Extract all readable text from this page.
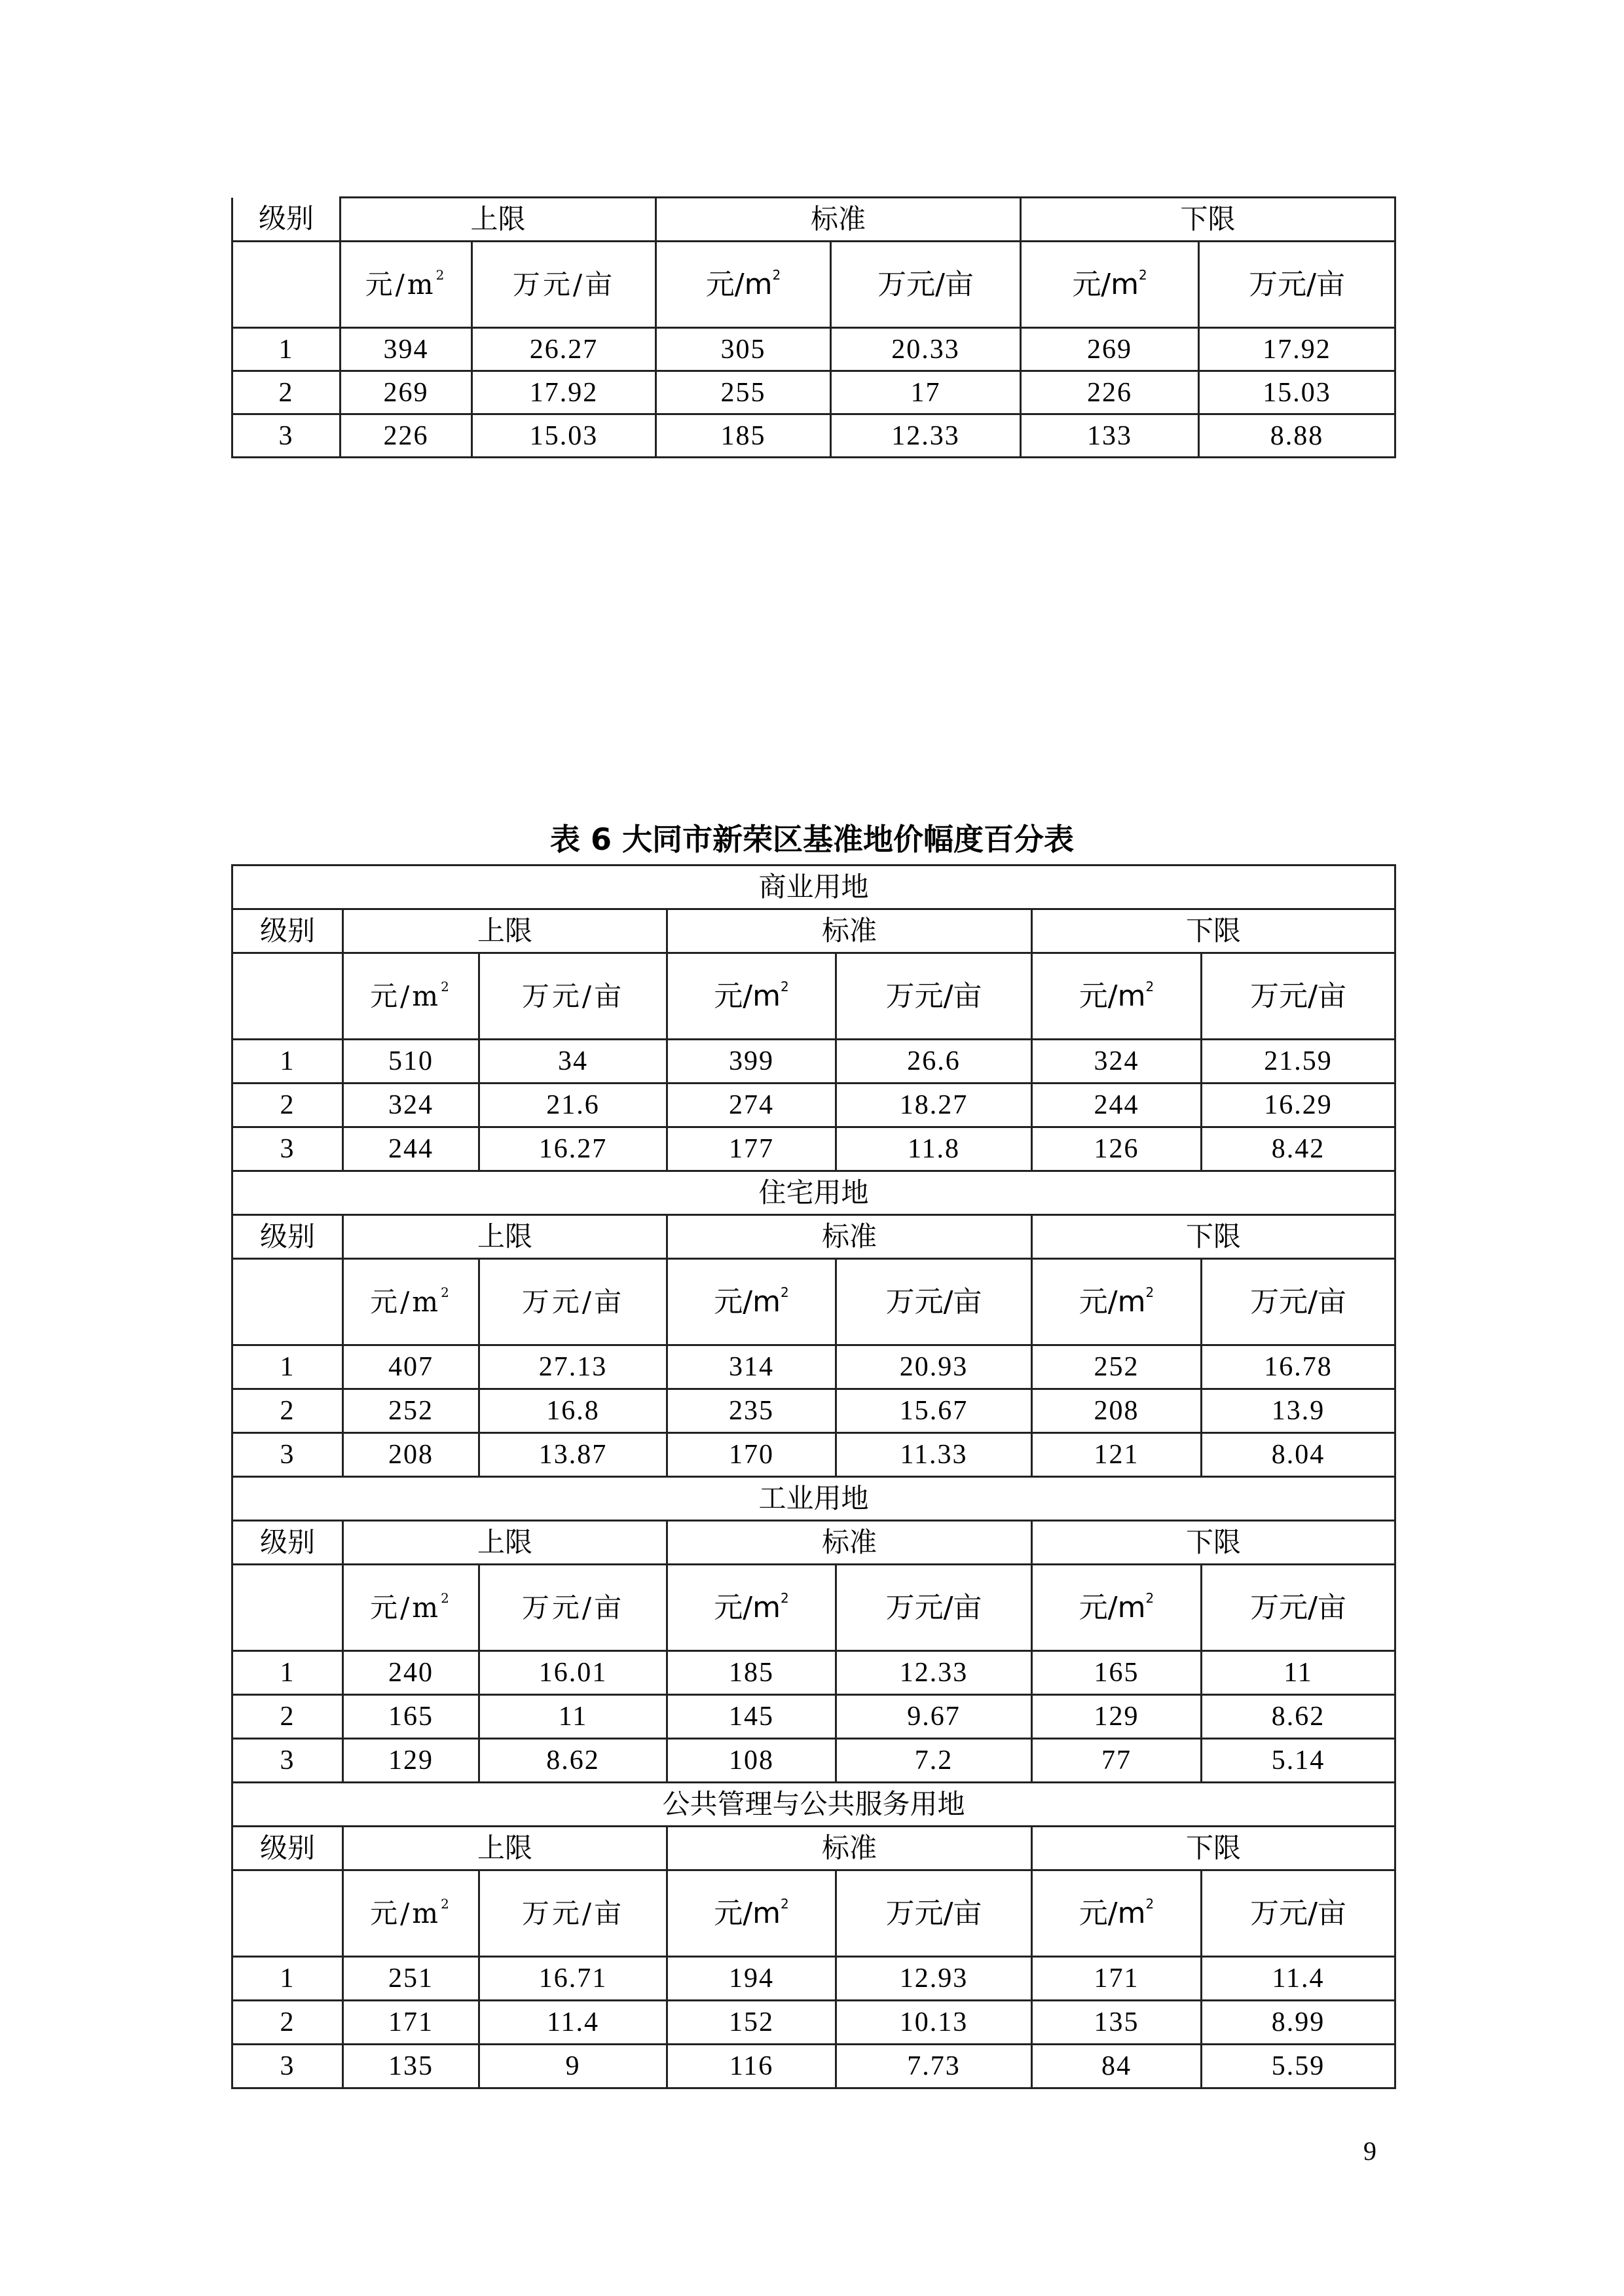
级别	上限		标准		下限	
	元$/m^2$	万元/亩	元$/m^2$	万元/亩	元$/m^2$	万元/亩
1	394	26.27	305	20.33	269	17.92
2	269	17.92	255	17	226	15.03
3	226	15.03	185	12.33	133	8.88
表 6 大同市新荣区基准地价幅度百分表
商业用地						
级别	上限		标准		下限	
	元$/m^2$	万元/亩	元$/m^2$	万元/亩	元$/m^2$	万元/亩
1	510	34	399	26.6	324	21.59
2	324	21.6	274	18.27	244	16.29
3	244	16.27	177	11.8	126	8.42
住宅用地						
级别	上限		标准		下限	
	元$/m^2$	万元/亩	元$/m^2$	万元/亩	元$/m^2$	万元/亩
1	407	27.13	314	20.93	252	16.78
2	252	16.8	235	15.67	208	13.9
3	208	13.87	170	11.33	121	8.04
工业用地						
级别	上限		标准		下限	
	元$/m^2$	万元/亩	元$/m^2$	万元/亩	元$/m^2$	万元/亩
1	240	16.01	185	12.33	165	11
2	165	11	145	9.67	129	8.62
3	129	8.62	108	7.2	77	5.14
公共管理与公共服务用地						
级别	上限		标准		下限	
	元$/m^2$	万元/亩	元$/m^2$	万元/亩	元$/m^2$	万元/亩
1	251	16.71	194	12.93	171	11.4
2	171	11.4	152	10.13	135	8.99
3	135	9	116	7.73	84	5.59
9
